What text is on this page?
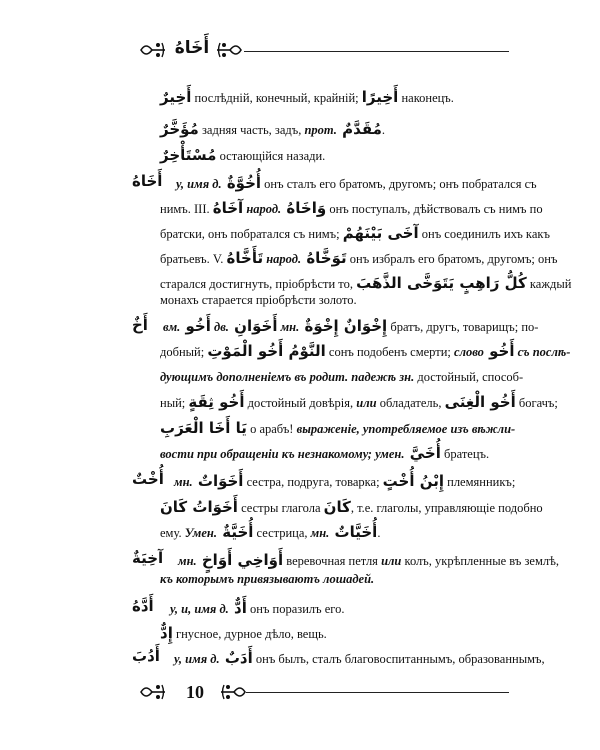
أَخَاهُ
أَخِيرٌ послѣдній, конечный, крайній; أَخِيرًا наконецъ.
مُؤَخَّرٌ задняя часть, задъ, прот. مُقَدَّمٌ.
مُسْتَأْخِرٌ остающійся назади.
أَخَاهُ у, имя д. أُخُوَّةٌ онъ сталъ его братомъ, другомъ; онъ побратался съ
нимъ. III. آخَاهُ народ. وَاخَاهُ онъ поступалъ, дѣйствовалъ съ нимъ по
братски, онъ побратался съ нимъ; آخَى بَيْنَهُمْ онъ соединилъ ихъ какъ
братьевъ. V. تَأَخَّاهُ народ. تَوَخَّاهُ онъ избралъ его братомъ, другомъ; онъ
старался достигнуть, пріобрѣсти то, كُلُّ رَاهِبٍ يَتَوَخَّى الذَّهَبَ каждый
монахъ старается пріобрѣсти золото.
أَخٌ вм. أَخُو дв. أَخَوَانِ мн. إِخْوَانٌ إِخْوَةٌ братъ, другъ, товарищъ; по-
добный; النَّوْمُ أَخُو الْمَوْتِ сонъ подобенъ смерти; слово أَخُو съ послѣ-
дующимъ дополненіемъ въ родит. падежѣ зн. достойный, способ-
ный; أَخُو ثِقَةٍ достойный довѣрія, или обладатель, أَخُو الْغِنَى богачъ;
يَا أَخَا الْعَرَبِ о арабъ! выраженіе, употребляемое изъ вѣжли-
вости при обращеніи къ незнакомому; умен. أُخَيَّ братецъ.
أُخْتٌ мн. أَخَوَاتٌ сестра, подруга, товарка; إِبْنُ أُخْتٍ племянникъ;
أَخَوَاتُ كَانَ сестры глагола كَانَ, т.е. глаголы, управляющіе подобно
ему. Умен. أُخَيَّةٌ сестрица, мн. أُخَيَّاتٌ.
آخِيَةٌ мн. أَوَاخِي أَوَاخٍ	веревочная петля или колъ, укрѣпленные въ землѣ,
къ которымъ привязываютъ лошадей.
أَدَّهُ у, и, имя д. أَدٌّ онъ поразилъ его.
إِدٌّ гнусное, дурное дѣло, вещь.
أَدُبَ у, имя д. أَدَبٌ онъ былъ, сталъ благовоспитаннымъ, образованнымъ,
10
